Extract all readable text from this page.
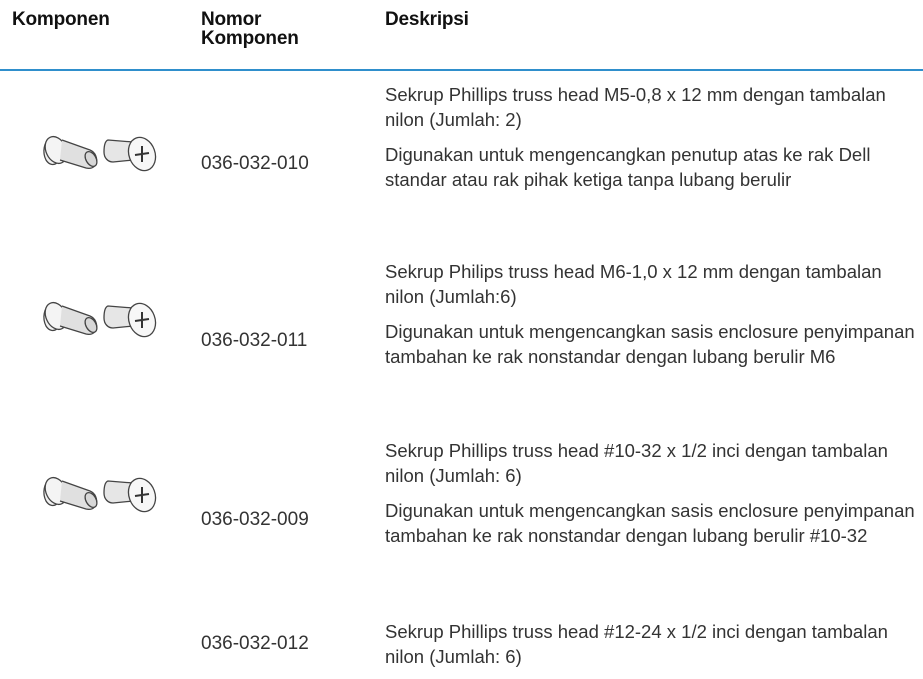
Komponen	Nomor
Komponen
Deskripsi
036-032-010

Sekrup Phillips truss head M5-0,8 x 12 mm dengan tambalan nilon (Jumlah: 2)

Digunakan untuk mengencangkan penutup atas ke rak Dell standar atau rak pihak ketiga tanpa lubang berulir

036-032-011

Sekrup Philips truss head M6-1,0 x 12 mm dengan tambalan nilon (Jumlah:6)

Digunakan untuk mengencangkan sasis enclosure penyimpanan tambahan ke rak nonstandar dengan lubang berulir M6

036-032-009

Sekrup Phillips truss head #10-32 x 1/2 inci dengan tambalan nilon (Jumlah: 6)

Digunakan untuk mengencangkan sasis enclosure penyimpanan tambahan ke rak nonstandar dengan lubang berulir #10-32

036-032-012

Sekrup Phillips truss head #12-24 x 1/2 inci dengan tambalan nilon (Jumlah: 6)
